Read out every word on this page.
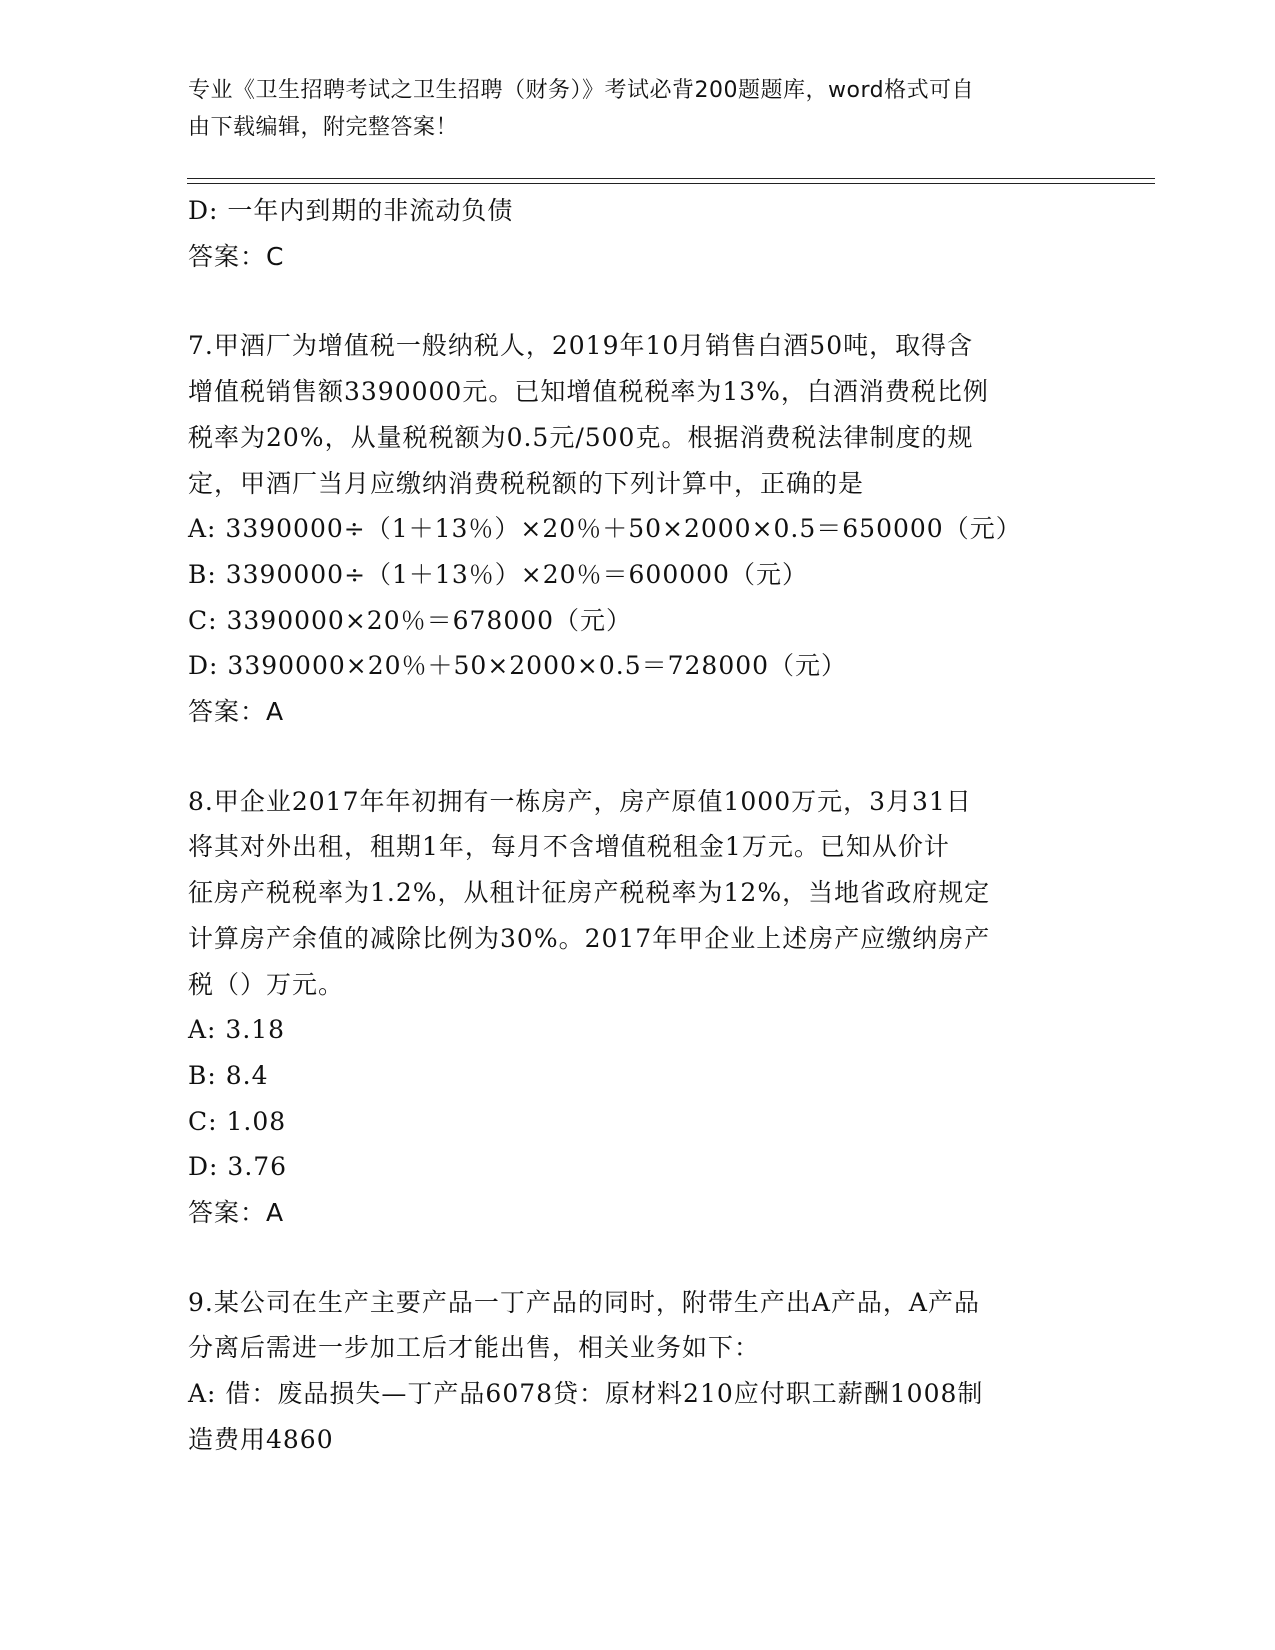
专业《卫生招聘考试之卫生招聘（财务）》考试必背200题题库，word格式可自
由下载编辑，附完整答案！
D: 一年内到期的非流动负债
答案：C
7.甲酒厂为增值税一般纳税人，2019年10月销售白酒50吨，取得含
增值税销售额3390000元。已知增值税税率为13%，白酒消费税比例
税率为20%，从量税税额为0.5元/500克。根据消费税法律制度的规
定，甲酒厂当月应缴纳消费税税额的下列计算中，正确的是
A: 3390000÷（1＋13％）×20％＋50×2000×0.5＝650000（元）
B: 3390000÷（1＋13％）×20％＝600000（元）
C: 3390000×20％＝678000（元）
D: 3390000×20％＋50×2000×0.5＝728000（元）
答案：A
8.甲企业2017年年初拥有一栋房产，房产原值1000万元，3月31日
将其对外出租，租期1年，每月不含增值税租金1万元。已知从价计
征房产税税率为1.2%，从租计征房产税税率为12%，当地省政府规定
计算房产余值的减除比例为30%。2017年甲企业上述房产应缴纳房产
税（）万元。
A: 3.18
B: 8.4
C: 1.08
D: 3.76
答案：A
9.某公司在生产主要产品一丁产品的同时，附带生产出A产品，A产品
分离后需进一步加工后才能出售，相关业务如下：
A: 借：废品损失—丁产品6078贷：原材料210应付职工薪酬1008制
造费用4860
